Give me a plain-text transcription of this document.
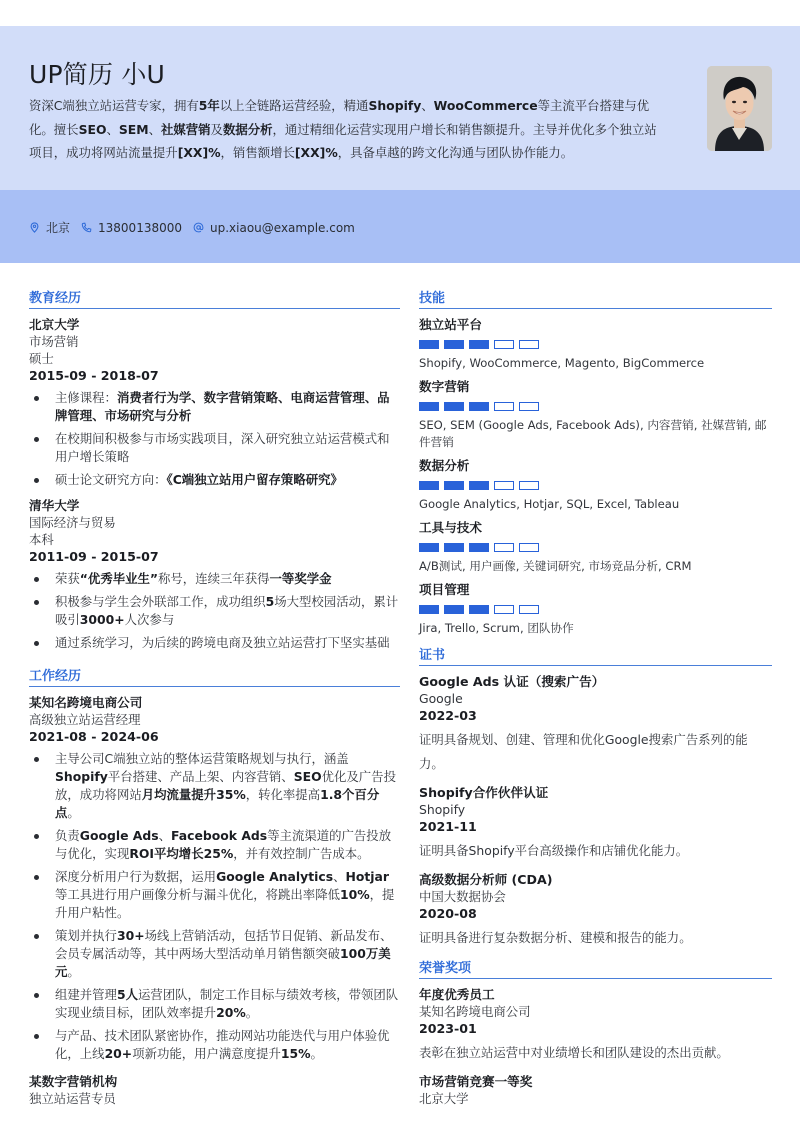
UP简历 小U
资深C端独立站运营专家，拥有5年以上全链路运营经验，精通Shopify、WooCommerce等主流平台搭建与优化。擅长SEO、SEM、社媒营销及数据分析，通过精细化运营实现用户增长和销售额提升。主导并优化多个独立站项目，成功将网站流量提升[XX]%，销售额增长[XX]%，具备卓越的跨文化沟通与团队协作能力。
北京 13800138000 up.xiaou@example.com
教育经历
北京大学
市场营销
硕士
2015-09 - 2018-07
主修课程：消费者行为学、数字营销策略、电商运营管理、品牌管理、市场研究与分析
在校期间积极参与市场实践项目，深入研究独立站运营模式和用户增长策略
硕士论文研究方向：《C端独立站用户留存策略研究》
清华大学
国际经济与贸易
本科
2011-09 - 2015-07
荣获“优秀毕业生”称号，连续三年获得一等奖学金
积极参与学生会外联部工作，成功组织5场大型校园活动，累计吸引3000+人次参与
通过系统学习，为后续的跨境电商及独立站运营打下坚实基础
工作经历
某知名跨境电商公司
高级独立站运营经理
2021-08 - 2024-06
主导公司C端独立站的整体运营策略规划与执行，涵盖Shopify平台搭建、产品上架、内容营销、SEO优化及广告投放，成功将网站月均流量提升35%，转化率提高1.8个百分点。
负责Google Ads、Facebook Ads等主流渠道的广告投放与优化，实现ROI平均增长25%，并有效控制广告成本。
深度分析用户行为数据，运用Google Analytics、Hotjar等工具进行用户画像分析与漏斗优化，将跳出率降低10%，提升用户粘性。
策划并执行30+场线上营销活动，包括节日促销、新品发布、会员专属活动等，其中两场大型活动单月销售额突破100万美元。
组建并管理5人运营团队，制定工作目标与绩效考核，带领团队实现业绩目标，团队效率提升20%。
与产品、技术团队紧密协作，推动网站功能迭代与用户体验优化，上线20+项新功能，用户满意度提升15%。
某数字营销机构
独立站运营专员
技能
独立站平台
Shopify, WooCommerce, Magento, BigCommerce
数字营销
SEO, SEM (Google Ads, Facebook Ads), 内容营销, 社媒营销, 邮件营销
数据分析
Google Analytics, Hotjar, SQL, Excel, Tableau
工具与技术
A/B测试, 用户画像, 关键词研究, 市场竞品分析, CRM
项目管理
Jira, Trello, Scrum, 团队协作
证书
Google Ads 认证（搜索广告）
Google
2022-03
证明具备规划、创建、管理和优化Google搜索广告系列的能力。
Shopify合作伙伴认证
Shopify
2021-11
证明具备Shopify平台高级操作和店铺优化能力。
高级数据分析师 (CDA)
中国大数据协会
2020-08
证明具备进行复杂数据分析、建模和报告的能力。
荣誉奖项
年度优秀员工
某知名跨境电商公司
2023-01
表彰在独立站运营中对业绩增长和团队建设的杰出贡献。
市场营销竞赛一等奖
北京大学
